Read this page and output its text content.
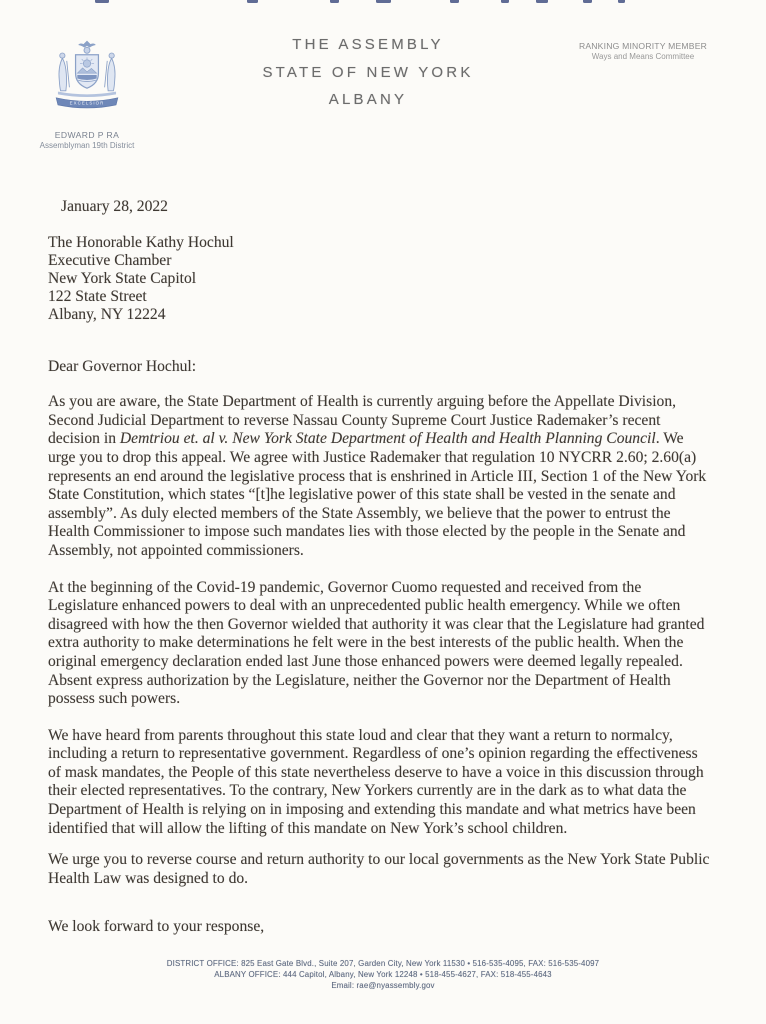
EXCELSIOR
EDWARD P RA
Assemblyman 19th District
THE ASSEMBLY
STATE OF NEW YORK
ALBANY
RANKING MINORITY MEMBER
Ways and Means Committee

January 28, 2022

The Honorable Kathy Hochul
Executive Chamber
New York State Capitol
122 State Street
Albany, NY 12224

Dear Governor Hochul:

As you are aware, the State Department of Health is currently arguing before the Appellate Division, Second Judicial Department to reverse Nassau County Supreme Court Justice Rademaker’s recent decision in Demtriou et. al v. New York State Department of Health and Health Planning Council. We urge you to drop this appeal. We agree with Justice Rademaker that regulation 10 NYCRR 2.60; 2.60(a) represents an end around the legislative process that is enshrined in Article III, Section 1 of the New York State Constitution, which states “[t]he legislative power of this state shall be vested in the senate and assembly”. As duly elected members of the State Assembly, we believe that the power to entrust the Health Commissioner to impose such mandates lies with those elected by the people in the Senate and Assembly, not appointed commissioners.

At the beginning of the Covid-19 pandemic, Governor Cuomo requested and received from the Legislature enhanced powers to deal with an unprecedented public health emergency. While we often disagreed with how the then Governor wielded that authority it was clear that the Legislature had granted extra authority to make determinations he felt were in the best interests of the public health. When the original emergency declaration ended last June those enhanced powers were deemed legally repealed. Absent express authorization by the Legislature, neither the Governor nor the Department of Health possess such powers.

We have heard from parents throughout this state loud and clear that they want a return to normalcy, including a return to representative government. Regardless of one’s opinion regarding the effectiveness of mask mandates, the People of this state nevertheless deserve to have a voice in this discussion through their elected representatives. To the contrary, New Yorkers currently are in the dark as to what data the Department of Health is relying on in imposing and extending this mandate and what metrics have been identified that will allow the lifting of this mandate on New York’s school children.

We urge you to reverse course and return authority to our local governments as the New York State Public Health Law was designed to do.

We look forward to your response,

DISTRICT OFFICE: 825 East Gate Blvd., Suite 207, Garden City, New York 11530 • 516-535-4095, FAX: 516-535-4097
ALBANY OFFICE: 444 Capitol, Albany, New York 12248 • 518-455-4627, FAX: 518-455-4643
Email: rae@nyassembly.gov
